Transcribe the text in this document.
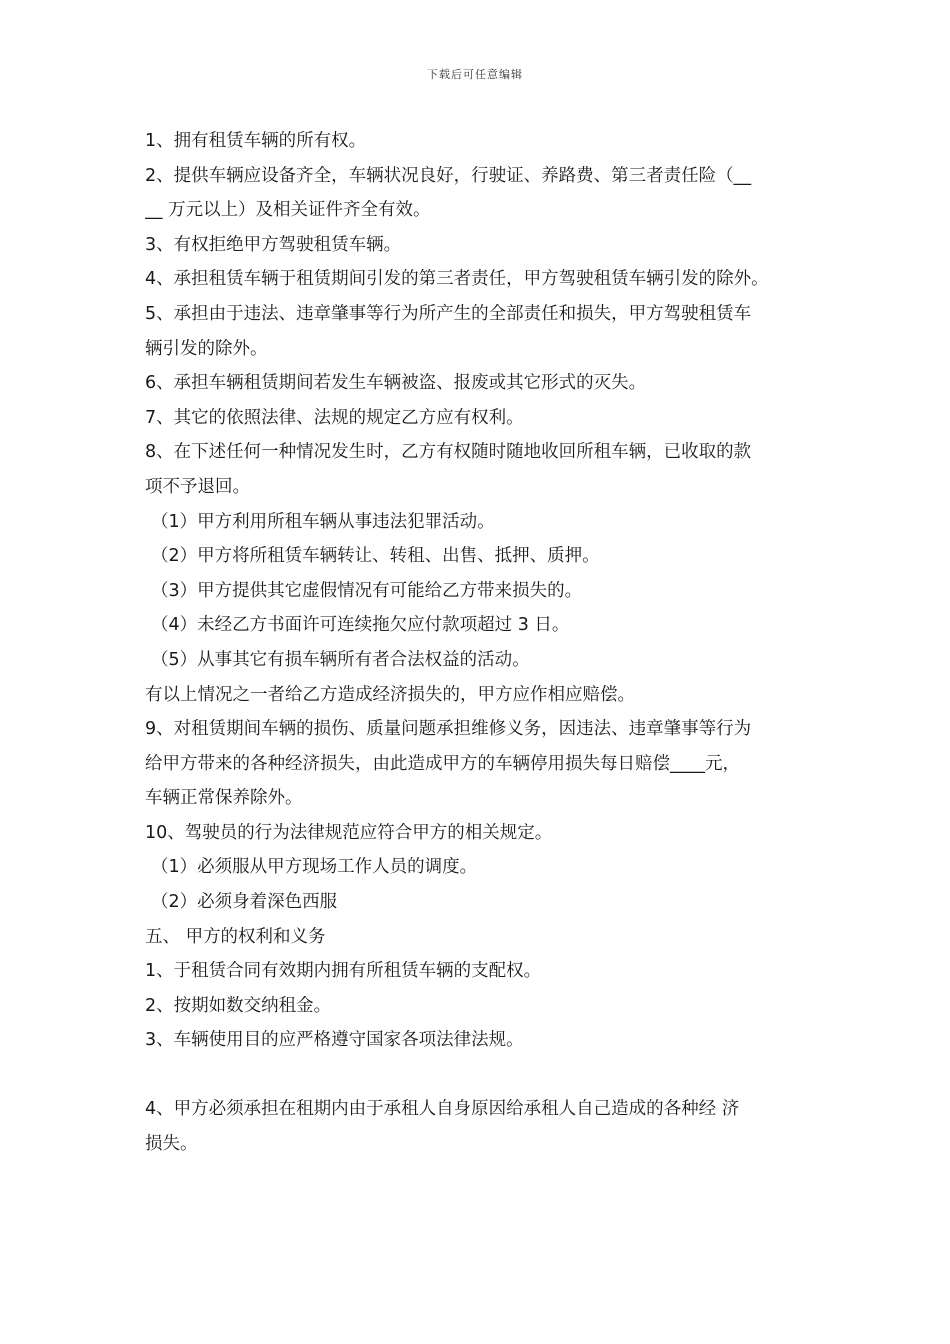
下载后可任意编辑
1、拥有租赁车辆的所有权。
2、提供车辆应设备齐全，车辆状况良好，行驶证、养路费、第三者责任险（__
__ 万元以上）及相关证件齐全有效。
3、有权拒绝甲方驾驶租赁车辆。
4、承担租赁车辆于租赁期间引发的第三者责任，甲方驾驶租赁车辆引发的除外。
5、承担由于违法、违章肇事等行为所产生的全部责任和损失，甲方驾驶租赁车
辆引发的除外。
6、承担车辆租赁期间若发生车辆被盗、报废或其它形式的灭失。
7、其它的依照法律、法规的规定乙方应有权利。
8、在下述任何一种情况发生时，乙方有权随时随地收回所租车辆，已收取的款
项不予退回。
（1）甲方利用所租车辆从事违法犯罪活动。
（2）甲方将所租赁车辆转让、转租、出售、抵押、质押。
（3）甲方提供其它虚假情况有可能给乙方带来损失的。
（4）未经乙方书面许可连续拖欠应付款项超过 3 日。
（5）从事其它有损车辆所有者合法权益的活动。
有以上情况之一者给乙方造成经济损失的，甲方应作相应赔偿。
9、对租赁期间车辆的损伤、质量问题承担维修义务，因违法、违章肇事等行为
给甲方带来的各种经济损失，由此造成甲方的车辆停用损失每日赔偿____元，
车辆正常保养除外。
10、驾驶员的行为法律规范应符合甲方的相关规定。
（1）必须服从甲方现场工作人员的调度。
（2）必须身着深色西服
五、 甲方的权利和义务
1、于租赁合同有效期内拥有所租赁车辆的支配权。
2、按期如数交纳租金。
3、车辆使用目的应严格遵守国家各项法律法规。
4、甲方必须承担在租期内由于承租人自身原因给承租人自己造成的各种经 济
损失。
